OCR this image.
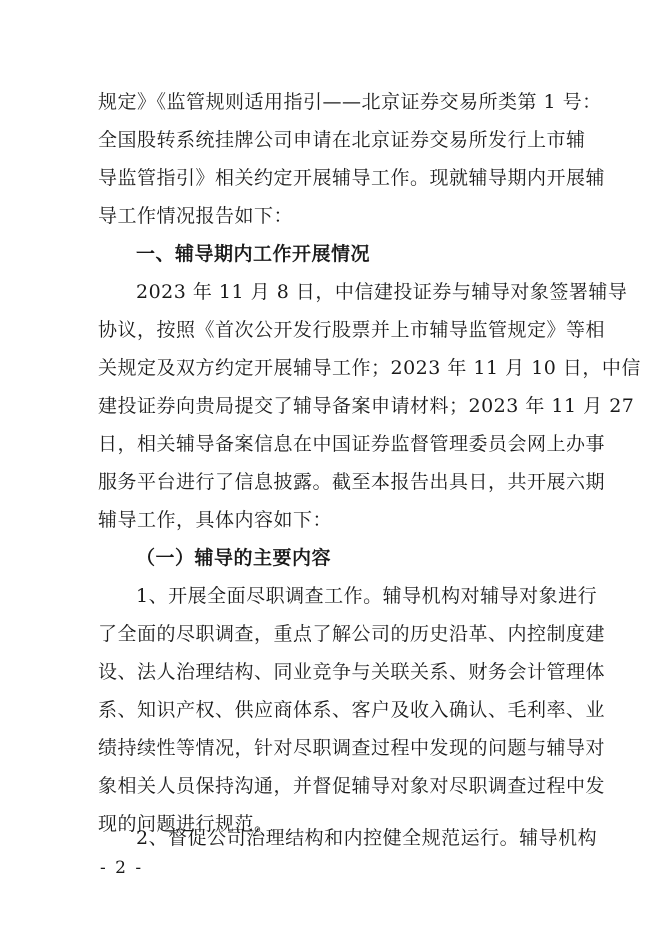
规定》《监管规则适用指引——北京证券交易所类第 1 号：
全国股转系统挂牌公司申请在北京证券交易所发行上市辅
导监管指引》相关约定开展辅导工作。现就辅导期内开展辅
导工作情况报告如下：
一、辅导期内工作开展情况
2023 年 11 月 8 日，中信建投证券与辅导对象签署辅导
协议，按照《首次公开发行股票并上市辅导监管规定》等相
关规定及双方约定开展辅导工作；2023 年 11 月 10 日，中信
建投证券向贵局提交了辅导备案申请材料；2023 年 11 月 27
日，相关辅导备案信息在中国证券监督管理委员会网上办事
服务平台进行了信息披露。截至本报告出具日，共开展六期
辅导工作，具体内容如下：
（一）辅导的主要内容
1、开展全面尽职调查工作。辅导机构对辅导对象进行
了全面的尽职调查，重点了解公司的历史沿革、内控制度建
设、法人治理结构、同业竞争与关联关系、财务会计管理体
系、知识产权、供应商体系、客户及收入确认、毛利率、业
绩持续性等情况，针对尽职调查过程中发现的问题与辅导对
象相关人员保持沟通，并督促辅导对象对尽职调查过程中发
现的问题进行规范。
2、督促公司治理结构和内控健全规范运行。辅导机构
- 2 -
